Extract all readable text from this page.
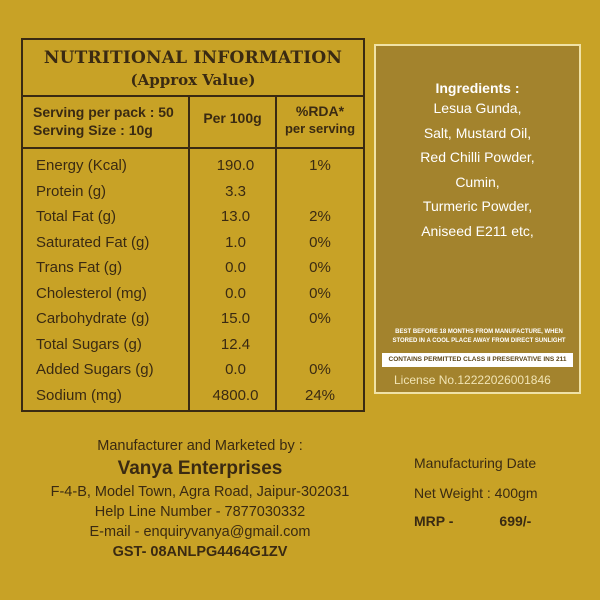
NUTRITIONAL INFORMATION
(Approx Value)
Serving per pack : 50
Serving Size : 10g
Per 100g	%RDA*
per serving
Energy (Kcal)
Protein (g)
Total Fat (g)
Saturated Fat (g)
Trans Fat (g)
Cholesterol (mg)
Carbohydrate (g)
Total Sugars (g)
Added Sugars (g)
Sodium (mg)
190.0
3.3
13.0
1.0
0.0
0.0
15.0
12.4
0.0
4800.0
1%
2%
0%
0%
0%
0%
0%
24%
Ingredients :
Lesua Gunda,
Salt, Mustard Oil,
Red Chilli Powder,
Cumin,
Turmeric Powder,
Aniseed E211 etc,
BEST BEFORE 18 MONTHS FROM MANUFACTURE, WHEN STORED IN A COOL PLACE AWAY FROM DIRECT SUNLIGHT
CONTAINS PERMITTED CLASS II PRESERVATIVE INS 211
License No.12222026001846
Manufacturer and Marketed by :
Vanya Enterprises
F-4-B, Model Town, Agra Road, Jaipur-302031
Help Line Number - 7877030332
E-mail - enquiryvanya@gmail.com
GST- 08ANLPG4464G1ZV
Manufacturing Date
Net Weight : 400gm
MRP -	699/-
